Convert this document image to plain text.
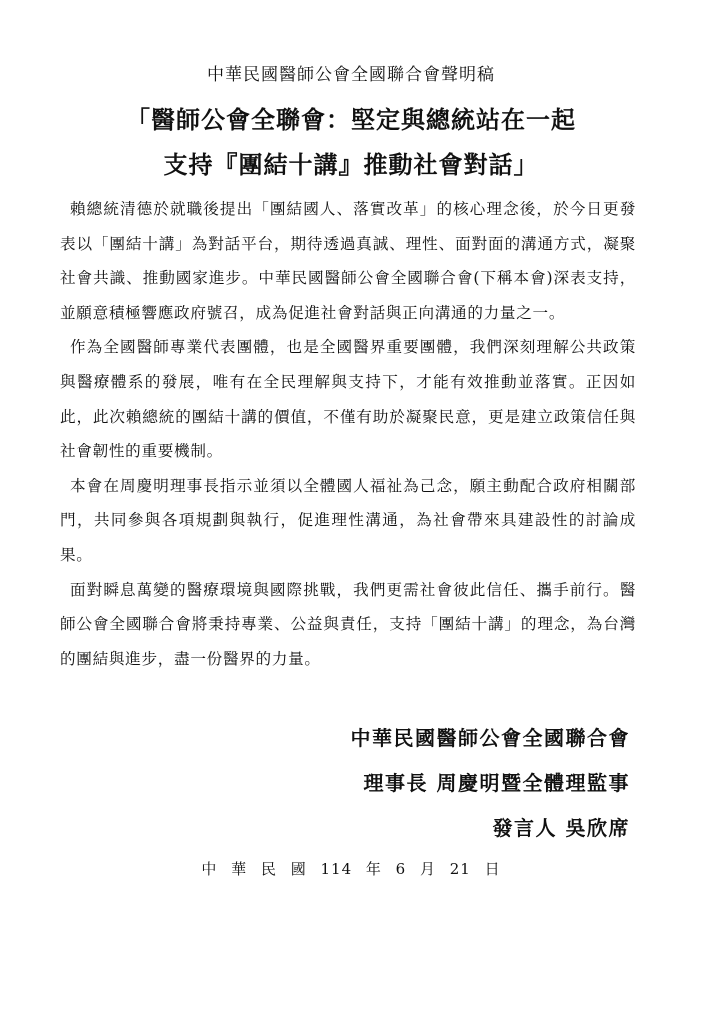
中華民國醫師公會全國聯合會聲明稿
「醫師公會全聯會：堅定與總統站在一起
支持『團結十講』推動社會對話」

賴總統清德於就職後提出「團結國人、落實改革」的核心理念後，於今日更發表以「團結十講」為對話平台，期待透過真誠、理性、面對面的溝通方式，凝聚社會共識、推動國家進步。中華民國醫師公會全國聯合會(下稱本會)深表支持，並願意積極響應政府號召，成為促進社會對話與正向溝通的力量之一。

作為全國醫師專業代表團體，也是全國醫界重要團體，我們深刻理解公共政策與醫療體系的發展，唯有在全民理解與支持下，才能有效推動並落實。正因如此，此次賴總統的團結十講的價值，不僅有助於凝聚民意，更是建立政策信任與社會韌性的重要機制。

本會在周慶明理事長指示並須以全體國人福祉為己念，願主動配合政府相關部門，共同參與各項規劃與執行，促進理性溝通，為社會帶來具建設性的討論成果。

面對瞬息萬變的醫療環境與國際挑戰，我們更需社會彼此信任、攜手前行。醫師公會全國聯合會將秉持專業、公益與責任，支持「團結十講」的理念，為台灣的團結與進步，盡一份醫界的力量。

中華民國醫師公會全國聯合會
理事長 周慶明暨全體理監事
發言人 吳欣席
中 華 民 國 114 年 6 月 21 日
